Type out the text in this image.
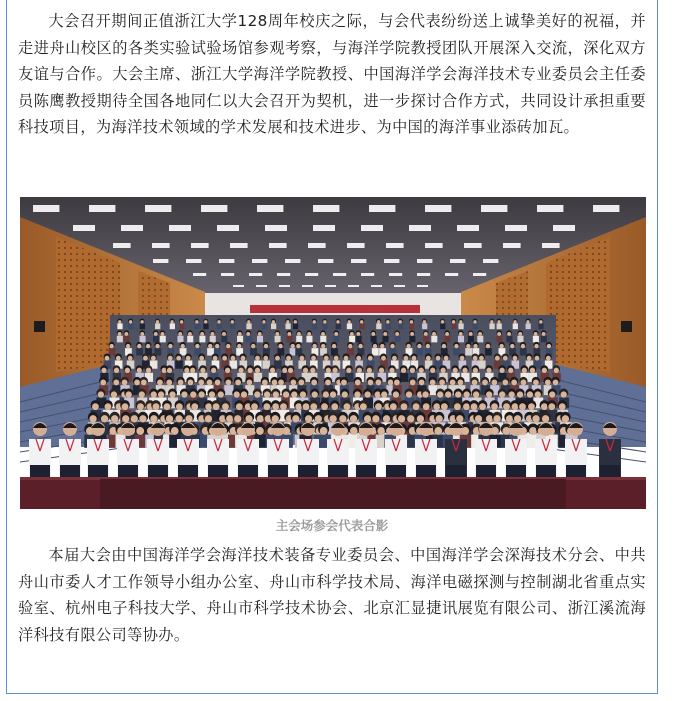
大会召开期间正值浙江大学128周年校庆之际，与会代表纷纷送上诚挚美好的祝福，并走进舟山校区的各类实验试验场馆参观考察，与海洋学院教授团队开展深入交流，深化双方友谊与合作。大会主席、浙江大学海洋学院教授、中国海洋学会海洋技术专业委员会主任委员陈鹰教授期待全国各地同仁以大会召开为契机，进一步探讨合作方式，共同设计承担重要科技项目，为海洋技术领域的学术发展和技术进步、为中国的海洋事业添砖加瓦。

主会场参会代表合影

本届大会由中国海洋学会海洋技术装备专业委员会、中国海洋学会深海技术分会、中共舟山市委人才工作领导小组办公室、舟山市科学技术局、海洋电磁探测与控制湖北省重点实验室、杭州电子科技大学、舟山市科学技术协会、北京汇显捷讯展览有限公司、浙江溪流海洋科技有限公司等协办。
